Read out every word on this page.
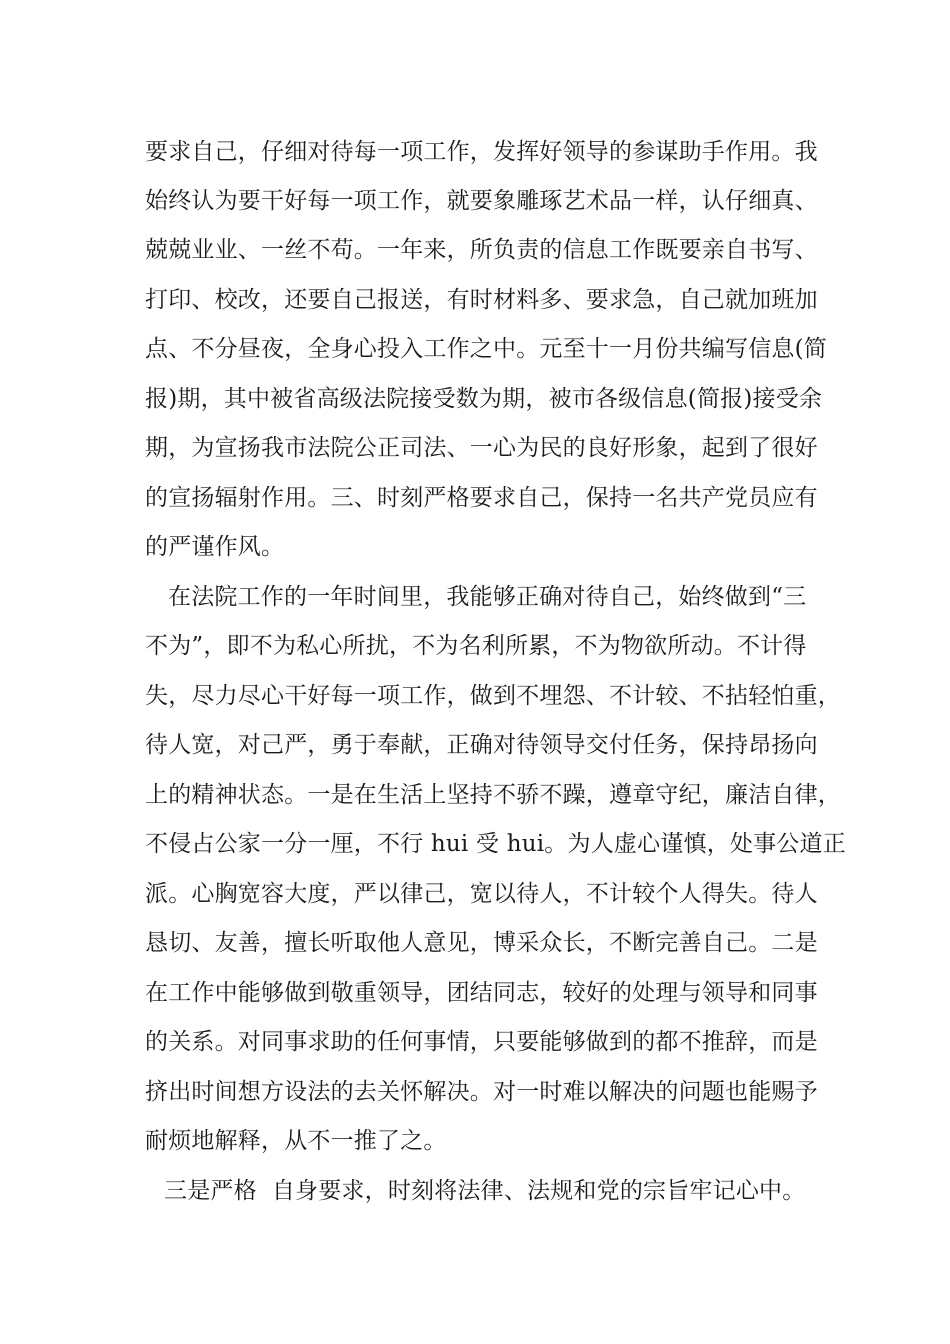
要求自己，仔细对待每一项工作，发挥好领导的参谋助手作用。我
始终认为要干好每一项工作，就要象雕琢艺术品一样，认仔细真、
兢兢业业、一丝不苟。一年来，所负责的信息工作既要亲自书写、
打印、校改，还要自己报送，有时材料多、要求急，自己就加班加
点、不分昼夜，全身心投入工作之中。元至十一月份共编写信息(简
报)期，其中被省高级法院接受数为期，被市各级信息(简报)接受余
期，为宣扬我市法院公正司法、一心为民的良好形象，起到了很好
的宣扬辐射作用。三、时刻严格要求自己，保持一名共产党员应有
的严谨作风。
在法院工作的一年时间里，我能够正确对待自己，始终做到“三
不为”，即不为私心所扰，不为名利所累，不为物欲所动。不计得
失，尽力尽心干好每一项工作，做到不埋怨、不计较、不拈轻怕重，
待人宽，对己严，勇于奉献，正确对待领导交付任务，保持昂扬向
上的精神状态。一是在生活上坚持不骄不躁，遵章守纪，廉洁自律，
不侵占公家一分一厘，不行 hui 受 hui。为人虚心谨慎，处事公道正
派。心胸宽容大度，严以律己，宽以待人，不计较个人得失。待人
恳切、友善，擅长听取他人意见，博采众长，不断完善自己。二是
在工作中能够做到敬重领导，团结同志，较好的处理与领导和同事
的关系。对同事求助的任何事情，只要能够做到的都不推辞，而是
挤出时间想方设法的去关怀解决。对一时难以解决的问题也能赐予
耐烦地解释，从不一推了之。
三是严格  自身要求，时刻将法律、法规和党的宗旨牢记心中。
